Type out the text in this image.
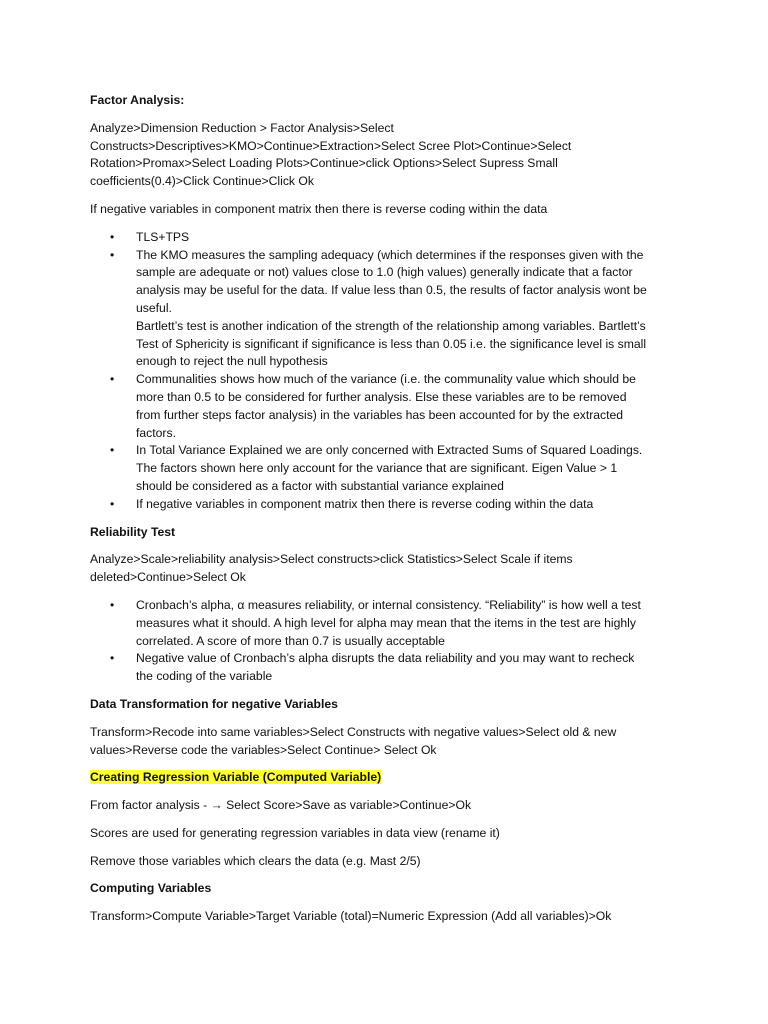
Factor Analysis:

Analyze>Dimension Reduction > Factor Analysis>Select Constructs>Descriptives>KMO>Continue>Extraction>Select Scree Plot>Continue>Select Rotation>Promax>Select Loading Plots>Continue>click Options>Select Supress Small coefficients(0.4)>Click Continue>Click Ok

If negative variables in component matrix then there is reverse coding within the data

• TLS+TPS
• The KMO measures the sampling adequacy (which determines if the responses given with the sample are adequate or not) values close to 1.0 (high values) generally indicate that a factor analysis may be useful for the data. If value less than 0.5, the results of factor analysis wont be useful.
Bartlett’s test is another indication of the strength of the relationship among variables. Bartlett’s Test of Sphericity is significant if significance is less than 0.05 i.e. the significance level is small enough to reject the null hypothesis
• Communalities shows how much of the variance (i.e. the communality value which should be more than 0.5 to be considered for further analysis. Else these variables are to be removed from further steps factor analysis) in the variables has been accounted for by the extracted factors.
• In Total Variance Explained we are only concerned with Extracted Sums of Squared Loadings. The factors shown here only account for the variance that are significant. Eigen Value > 1 should be considered as a factor with substantial variance explained
• If negative variables in component matrix then there is reverse coding within the data
Reliability Test

Analyze>Scale>reliability analysis>Select constructs>click Statistics>Select Scale if items deleted>Continue>Select Ok

• Cronbach’s alpha, α measures reliability, or internal consistency. “Reliability” is how well a test measures what it should. A high level for alpha may mean that the items in the test are highly correlated. A score of more than 0.7 is usually acceptable
• Negative value of Cronbach’s alpha disrupts the data reliability and you may want to recheck the coding of the variable
Data Transformation for negative Variables

Transform>Recode into same variables>Select Constructs with negative values>Select old & new values>Reverse code the variables>Select Continue> Select Ok

Creating Regression Variable (Computed Variable)

From factor analysis - → Select Score>Save as variable>Continue>Ok

Scores are used for generating regression variables in data view (rename it)

Remove those variables which clears the data (e.g. Mast 2/5)

Computing Variables

Transform>Compute Variable>Target Variable (total)=Numeric Expression (Add all variables)>Ok
